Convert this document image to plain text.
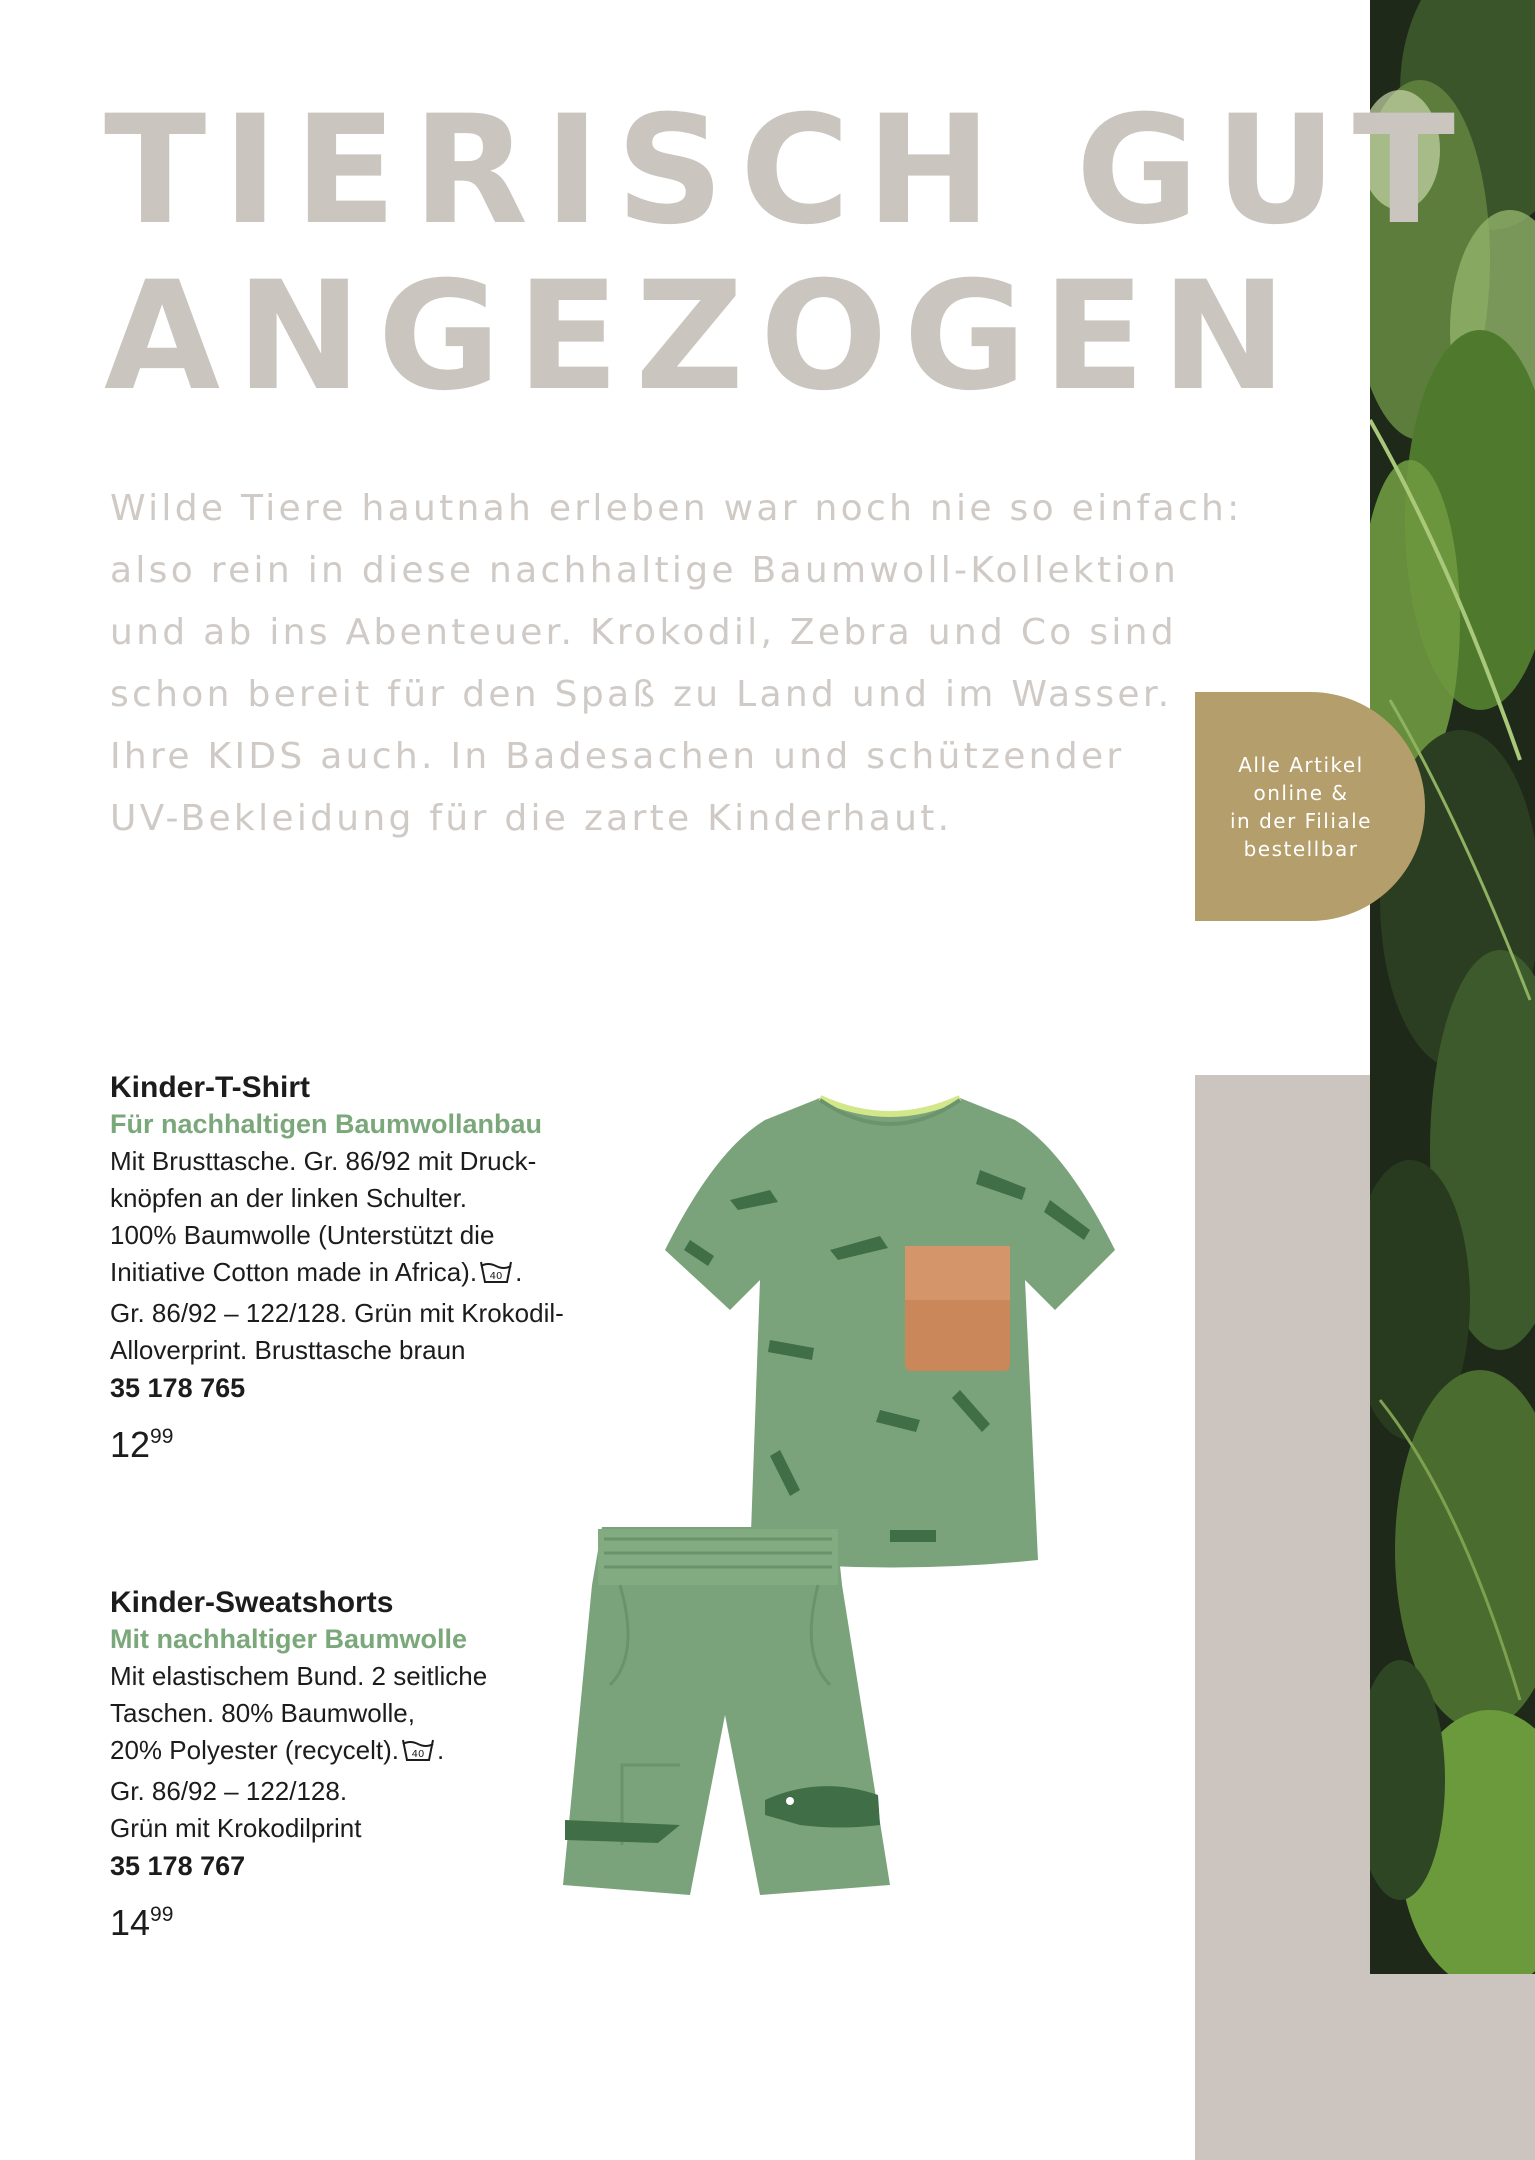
TIERISCH GUT
ANGEZOGEN
Wilde Tiere hautnah erleben war noch nie so einfach:
also rein in diese nachhaltige Baumwoll-Kollektion
und ab ins Abenteuer. Krokodil, Zebra und Co sind
schon bereit für den Spaß zu Land und im Wasser.
Ihre KIDS auch. In Badesachen und schützender
UV-Bekleidung für die zarte Kinderhaut.
Alle Artikel
online &
in der Filiale
bestellbar
Kinder-T-Shirt
Für nachhaltigen Baumwollanbau
Mit Brusttasche. Gr. 86/92 mit Druck-
knöpfen an der linken Schulter.
100% Baumwolle (Unterstützt die
Initiative Cotton made in Africa). 40 .
Gr. 86/92 – 122/128. Grün mit Krokodil-
Alloverprint. Brusttasche braun
35 178 765
$12^{99}$
Kinder-Sweatshorts
Mit nachhaltiger Baumwolle
Mit elastischem Bund. 2 seitliche
Taschen. 80% Baumwolle,
20% Polyester (recycelt). 40 .
Gr. 86/92 – 122/128.
Grün mit Krokodilprint
35 178 767
$14^{99}$
